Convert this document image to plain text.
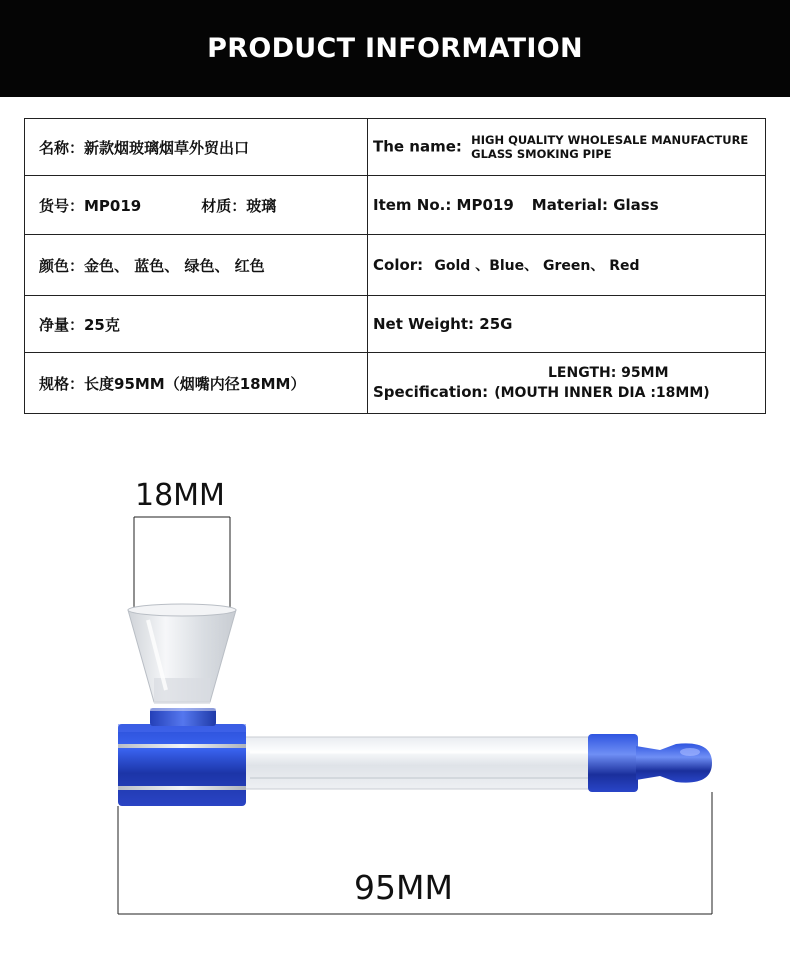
PRODUCT INFORMATION
名称：新款烟玻璃烟草外贸出口	The name: HIGH QUALITY WHOLESALE MANUFACTURE
GLASS SMOKING PIPE
货号：MP019 材质：玻璃	Item No.: MP019 Material: Glass
颜色：金色、 蓝色、 绿色、 红色	Color: Gold 、Blue、 Green、 Red
净量：25克	Net Weight: 25G
规格：长度95MM（烟嘴内径18MM）	LENGTH: 95MM
Specification: (MOUTH INNER DIA :18MM)
18MM
95MM
